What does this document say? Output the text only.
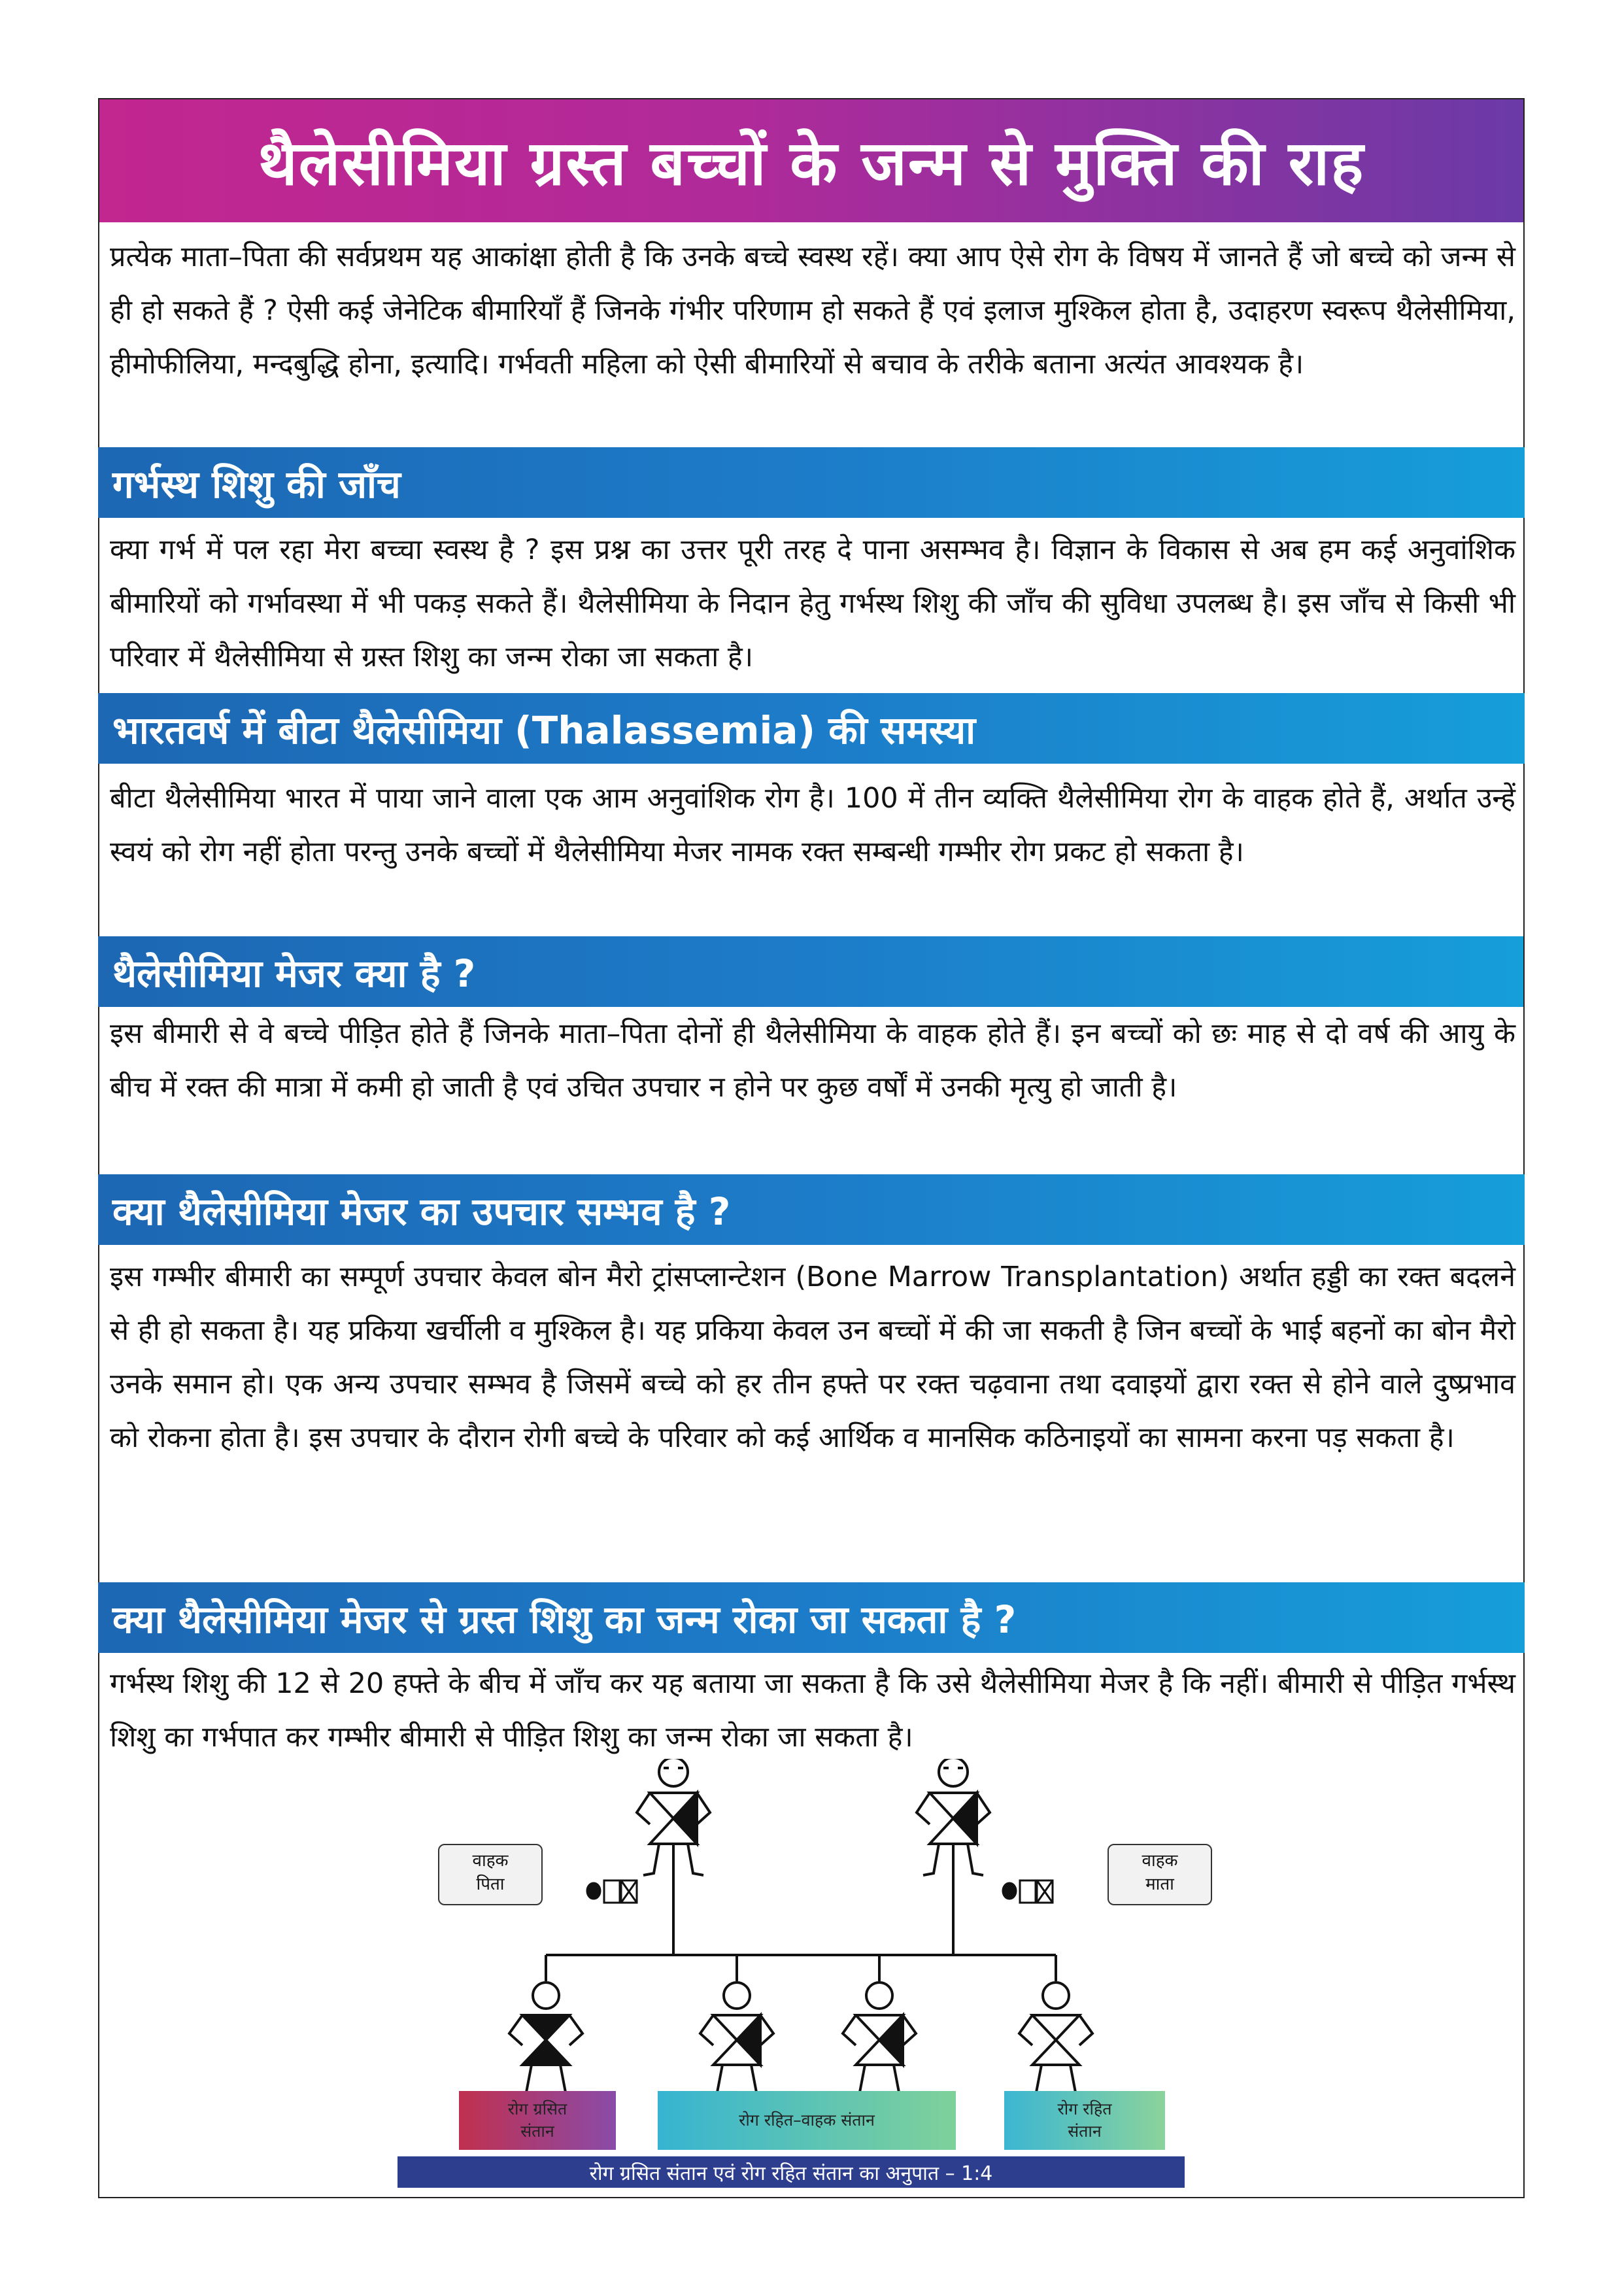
थैलेसीमिया ग्रस्त बच्चों के जन्म से मुक्ति की राह

प्रत्येक माता–पिता की सर्वप्रथम यह आकांक्षा होती है कि उनके बच्चे स्वस्थ रहें। क्या आप ऐसे रोग के विषय में जानते हैं जो बच्चे को जन्म से ही हो सकते हैं ? ऐसी कई जेनेटिक बीमारियाँ हैं जिनके गंभीर परिणाम हो सकते हैं एवं इलाज मुश्किल होता है, उदाहरण स्वरूप थैलेसीमिया, हीमोफीलिया, मन्दबुद्धि होना, इत्यादि। गर्भवती महिला को ऐसी बीमारियों से बचाव के तरीके बताना अत्यंत आवश्यक है।

गर्भस्थ शिशु की जाँच

क्या गर्भ में पल रहा मेरा बच्चा स्वस्थ है ? इस प्रश्न का उत्तर पूरी तरह दे पाना असम्भव है। विज्ञान के विकास से अब हम कई अनुवांशिक बीमारियों को गर्भावस्था में भी पकड़ सकते हैं। थैलेसीमिया के निदान हेतु गर्भस्थ शिशु की जाँच की सुविधा उपलब्ध है। इस जाँच से किसी भी परिवार में थैलेसीमिया से ग्रस्त शिशु का जन्म रोका जा सकता है।

भारतवर्ष में बीटा थैलेसीमिया (Thalassemia) की समस्या

बीटा थैलेसीमिया भारत में पाया जाने वाला एक आम अनुवांशिक रोग है। 100 में तीन व्यक्ति थैलेसीमिया रोग के वाहक होते हैं, अर्थात उन्हें स्वयं को रोग नहीं होता परन्तु उनके बच्चों में थैलेसीमिया मेजर नामक रक्त सम्बन्धी गम्भीर रोग प्रकट हो सकता है।

थैलेसीमिया मेजर क्या है ?

इस बीमारी से वे बच्चे पीड़ित होते हैं जिनके माता–पिता दोनों ही थैलेसीमिया के वाहक होते हैं। इन बच्चों को छः माह से दो वर्ष की आयु के बीच में रक्त की मात्रा में कमी हो जाती है एवं उचित उपचार न होने पर कुछ वर्षों में उनकी मृत्यु हो जाती है।

क्या थैलेसीमिया मेजर का उपचार सम्भव है ?

इस गम्भीर बीमारी का सम्पूर्ण उपचार केवल बोन मैरो ट्रांसप्लान्टेशन (Bone Marrow Transplantation) अर्थात हड्डी का रक्त बदलने से ही हो सकता है। यह प्रकिया खर्चीली व मुश्किल है। यह प्रकिया केवल उन बच्चों में की जा सकती है जिन बच्चों के भाई बहनों का बोन मैरो उनके समान हो। एक अन्य उपचार सम्भव है जिसमें बच्चे को हर तीन हफ्ते पर रक्त चढ़वाना तथा दवाइयों द्वारा रक्त से होने वाले दुष्प्रभाव को रोकना होता है। इस उपचार के दौरान रोगी बच्चे के परिवार को कई आर्थिक व मानसिक कठिनाइयों का सामना करना पड़ सकता है।

क्या थैलेसीमिया मेजर से ग्रस्त शिशु का जन्म रोका जा सकता है ?

गर्भस्थ शिशु की 12 से 20 हफ्ते के बीच में जाँच कर यह बताया जा सकता है कि उसे थैलेसीमिया मेजर है कि नहीं। बीमारी से पीड़ित गर्भस्थ शिशु का गर्भपात कर गम्भीर बीमारी से पीड़ित शिशु का जन्म रोका जा सकता है।

वाहक
पिता
वाहक
माता
रोग ग्रसित
संतान
रोग रहित–वाहक संतान
रोग रहित
संतान
रोग ग्रसित संतान एवं रोग रहित संतान का अनुपात – 1:4
